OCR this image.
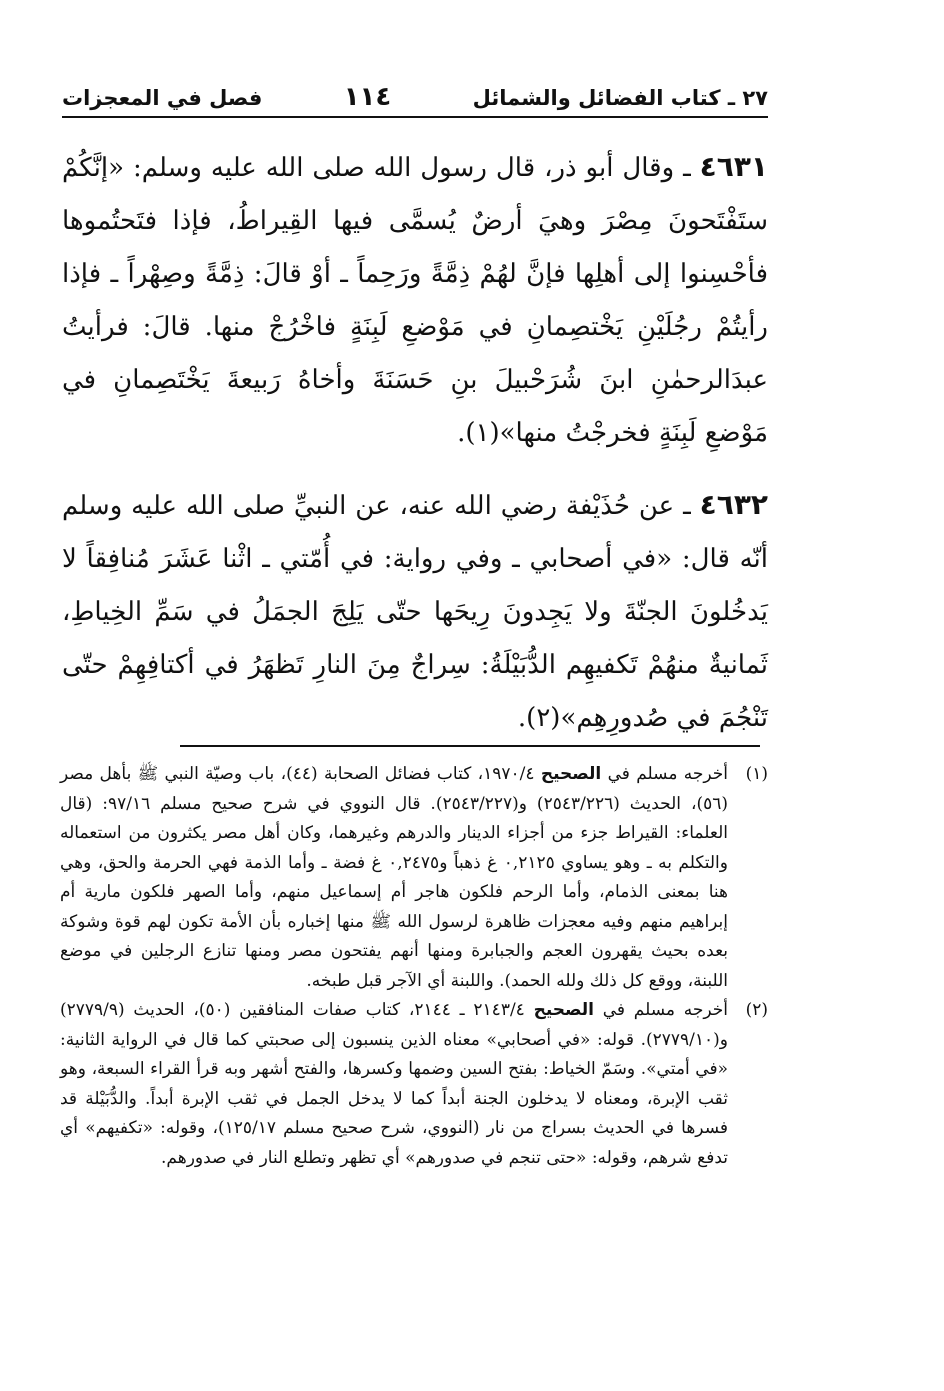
٢٧ ـ كتاب الفضائل والشمائل
١١٤
فصل في المعجزات

٤٦٣١ ـ وقال أبو ذر، قال رسول الله صلى الله عليه وسلم: «إنَّكُمْ ستَفْتَحونَ مِصْرَ وهيَ أرضٌ يُسمَّى فيها القِيراطُ، فإذا فتَحتُموها فأحْسِنوا إلى أهلِها فإنَّ لهُمْ ذِمَّةً ورَحِماً ـ أوْ قالَ: ذِمَّةً وصِهْراً ـ فإذا رأيتُمْ رجُلَيْنِ يَخْتصِمانِ في مَوْضعِ لَبِنَةٍ فاخْرُجْ منها. قالَ: فرأيتُ عبدَالرحمٰنِ ابنَ شُرَحْبيلَ بنِ حَسَنَةَ وأخاهُ رَبيعةَ يَخْتَصِمانِ في مَوْضعِ لَبِنَةٍ فخرجْتُ منها»(١).

٤٦٣٢ ـ عن حُذَيْفة رضي الله عنه، عن النبيِّ صلى الله عليه وسلم أنّه قال: «في أصحابي ـ وفي رواية: في أُمّتي ـ اثْنا عَشَرَ مُنافِقاً لا يَدخُلونَ الجنّةَ ولا يَجِدونَ رِيحَها حتّى يَلِجَ الجمَلُ في سَمِّ الخِياطِ، ثَمانيةٌ منهُمْ تَكفيهِم الدُّبَيْلَةُ: سِراجٌ مِنَ النارِ تَظهَرُ في أكتافِهِمْ حتّى تَنْجُمَ في صُدورِهِم»(٢).

(١)
أخرجه مسلم في الصحيح ١٩٧٠/٤، كتاب فضائل الصحابة (٤٤)، باب وصيّة النبي ﷺ بأهل مصر (٥٦)، الحديث (٢٥٤٣/٢٢٦) و(٢٥٤٣/٢٢٧). قال النووي في شرح صحيح مسلم ٩٧/١٦: (قال العلماء: القيراط جزء من أجزاء الدينار والدرهم وغيرهما، وكان أهل مصر يكثرون من استعماله والتكلم به ـ وهو يساوي ٠,٢١٢٥ غ ذهباً و٠,٢٤٧٥ غ فضة ـ وأما الذمة فهي الحرمة والحق، وهي هنا بمعنى الذمام، وأما الرحم فلكون هاجر أم إسماعيل منهم، وأما الصهر فلكون مارية أم إبراهيم منهم وفيه معجزات ظاهرة لرسول الله ﷺ منها إخباره بأن الأمة تكون لهم قوة وشوكة بعده بحيث يقهرون العجم والجبابرة ومنها أنهم يفتحون مصر ومنها تنازع الرجلين في موضع اللبنة، ووقع كل ذلك ولله الحمد). واللبنة أي الآجر قبل طبخه.

(٢)
أخرجه مسلم في الصحيح ٢١٤٣/٤ ـ ٢١٤٤، كتاب صفات المنافقين (٥٠)، الحديث (٢٧٧٩/٩) و(٢٧٧٩/١٠). قوله: «في أصحابي» معناه الذين ينسبون إلى صحبتي كما قال في الرواية الثانية: «في أمتي». وسَمّ الخياط: بفتح السين وضمها وكسرها، والفتح أشهر وبه قرأ القراء السبعة، وهو ثقب الإبرة، ومعناه لا يدخلون الجنة أبداً كما لا يدخل الجمل في ثقب الإبرة أبداً. والدُّبَيْلة قد فسرها في الحديث بسراج من نار (النووي، شرح صحيح مسلم ١٢٥/١٧)، وقوله: «تكفيهم» أي تدفع شرهم، وقوله: «حتى تنجم في صدورهم» أي تظهر وتطلع النار في صدورهم.
